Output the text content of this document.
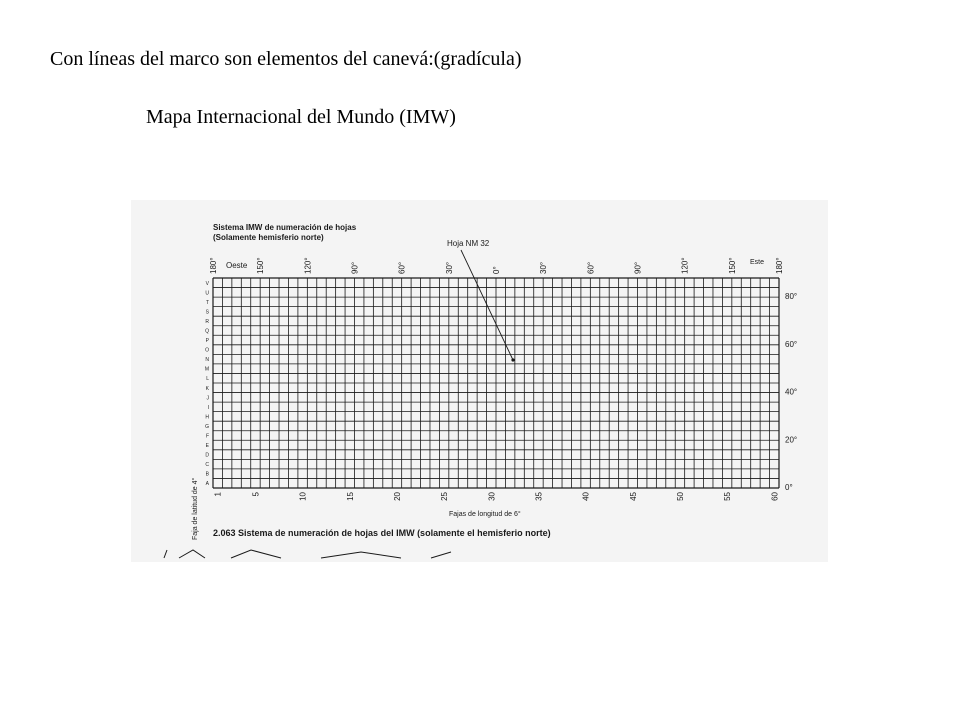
Con líneas del marco son elementos del canevá:(gradícula)
Mapa Internacional del Mundo (IMW)
Sistema IMW de numeración de hojas
(Solamente hemisferio norte)
Hoja NM 32
Oeste	Este
Faja de latitud de 4°	Fajas de longitud de 6°
2.063 Sistema de numeración de hojas del IMW (solamente el hemisferio norte)
180°	150°	120°	90°	60°	30°	0°	30°	60°	90°	120°	150°	180°
80°
60°
40°
20°
0°
V
U
T
S
R
Q
P
O
N
M
L
K
J
I
H
G
F
E
D
C
B
A
1	5	10	15	20	25	30	35	40	45	50	55	60
